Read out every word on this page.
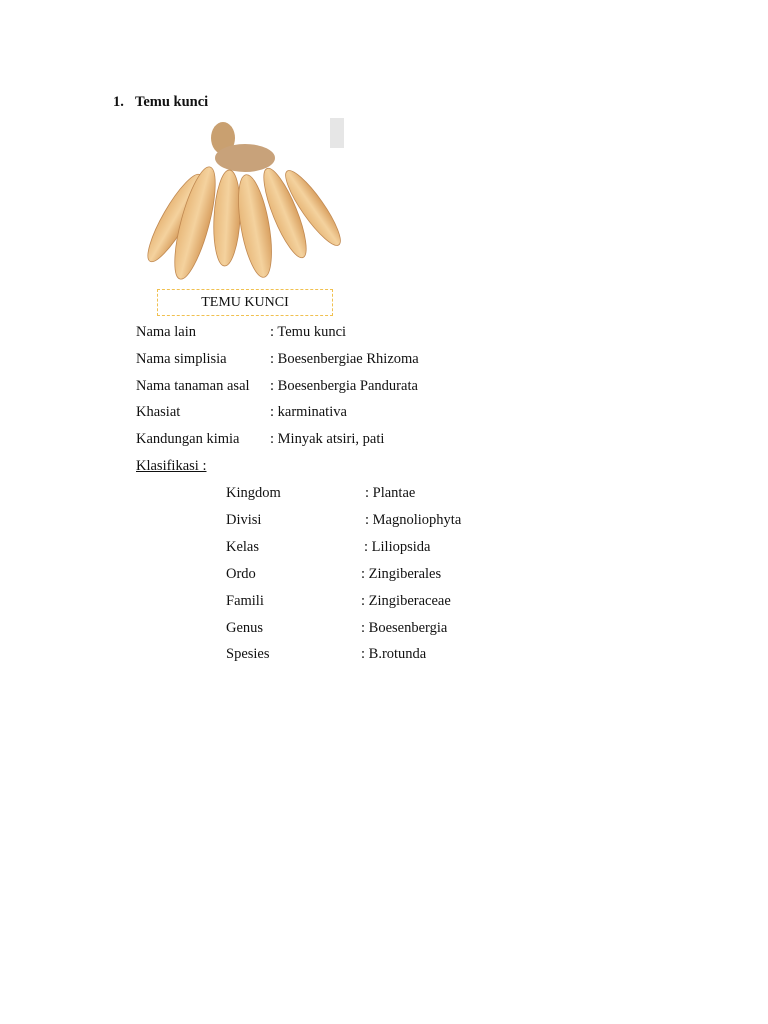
1. Temu kunci
TEMU KUNCI
Nama lain	: Temu kunci
Nama simplisia	: Boesenbergiae Rhizoma
Nama tanaman asal : Boesenbergia Pandurata
Khasiat	: karminativa
Kandungan kimia : Minyak atsiri, pati
Klasifikasi :
Kingdom	: Plantae
Divisi	: Magnoliophyta
Kelas	: Liliopsida
Ordo	: Zingiberales
Famili	: Zingiberaceae
Genus	: Boesenbergia
Spesies	: B.rotunda
